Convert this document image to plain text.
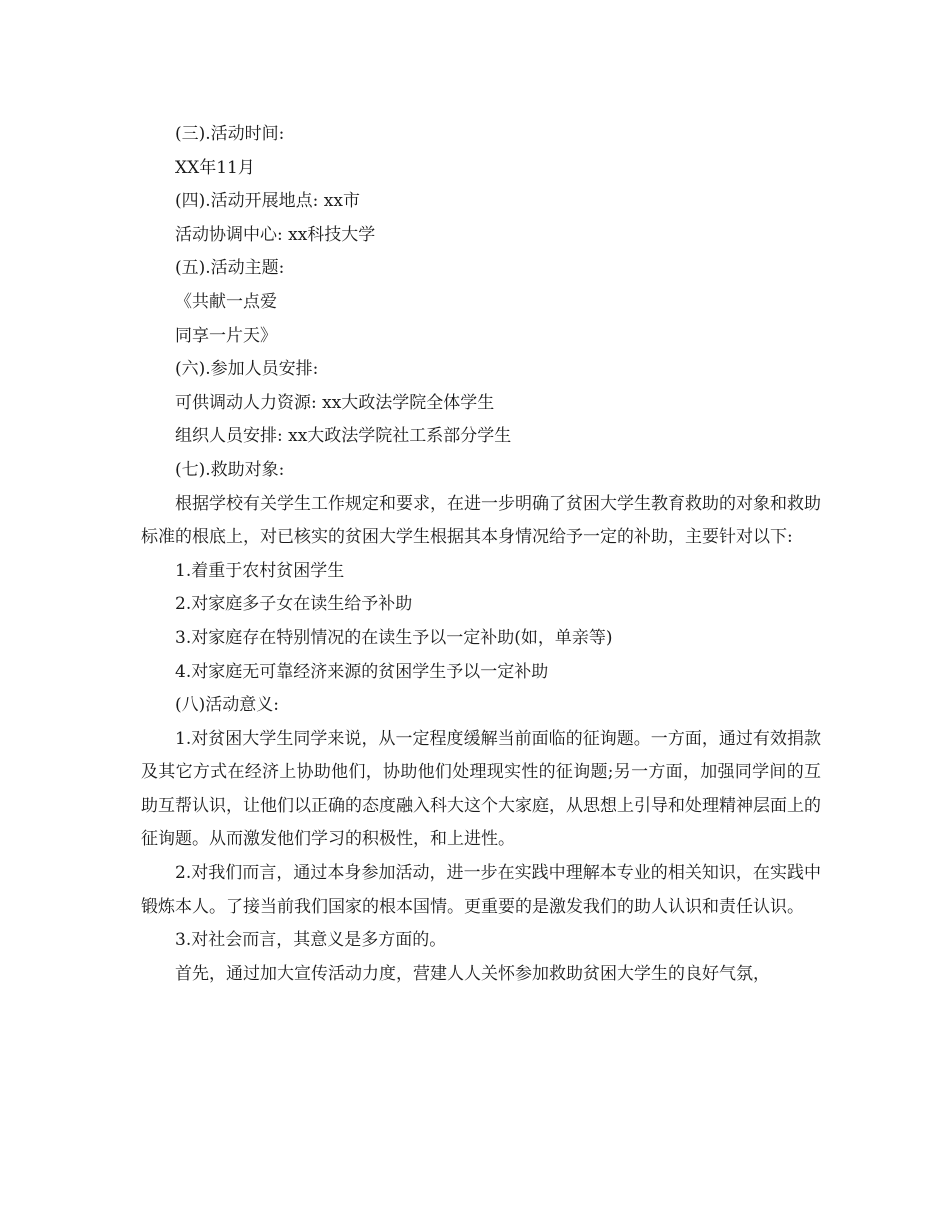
(三).活动时间:
XX年11月
(四).活动开展地点: xx市
活动协调中心: xx科技大学
(五).活动主题:
《共献一点爱
同享一片天》
(六).参加人员安排:
可供调动人力资源: xx大政法学院全体学生
组织人员安排: xx大政法学院社工系部分学生
(七).救助对象:

根据学校有关学生工作规定和要求，在进一步明确了贫困大学生教育救助的对象和救助标准的根底上，对已核实的贫困大学生根据其本身情况给予一定的补助，主要针对以下:

1.着重于农村贫困学生
2.对家庭多子女在读生给予补助
3.对家庭存在特别情况的在读生予以一定补助(如，单亲等)
4.对家庭无可靠经济来源的贫困学生予以一定补助
(八)活动意义:

1.对贫困大学生同学来说，从一定程度缓解当前面临的征询题。一方面，通过有效捐款及其它方式在经济上协助他们，协助他们处理现实性的征询题;另一方面，加强同学间的互助互帮认识，让他们以正确的态度融入科大这个大家庭，从思想上引导和处理精神层面上的征询题。从而激发他们学习的积极性，和上进性。

2.对我们而言，通过本身参加活动，进一步在实践中理解本专业的相关知识，在实践中锻炼本人。了接当前我们国家的根本国情。更重要的是激发我们的助人认识和责任认识。

3.对社会而言，其意义是多方面的。

首先，通过加大宣传活动力度，营建人人关怀参加救助贫困大学生的良好气氛，
